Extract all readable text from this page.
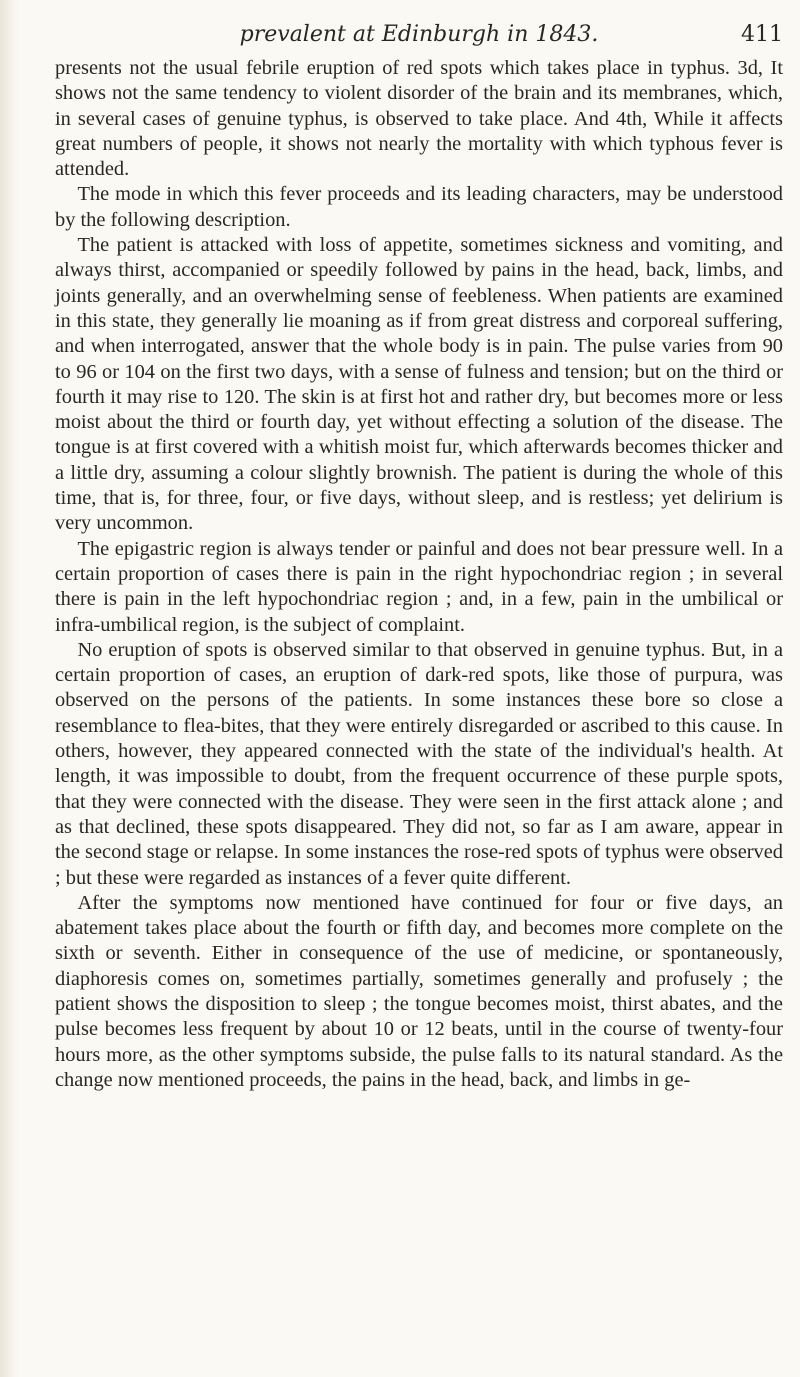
prevalent at Edinburgh in 1843.	411

presents not the usual febrile eruption of red spots which takes place in typhus. 3d, It shows not the same tendency to violent disorder of the brain and its membranes, which, in several cases of genuine typhus, is observed to take place. And 4th, While it affects great numbers of people, it shows not nearly the mortality with which typhous fever is attended.

The mode in which this fever proceeds and its leading characters, may be understood by the following description.

The patient is attacked with loss of appetite, sometimes sickness and vomiting, and always thirst, accompanied or speedily followed by pains in the head, back, limbs, and joints generally, and an overwhelming sense of feebleness. When patients are examined in this state, they generally lie moaning as if from great distress and corporeal suffering, and when interrogated, answer that the whole body is in pain. The pulse varies from 90 to 96 or 104 on the first two days, with a sense of fulness and tension; but on the third or fourth it may rise to 120. The skin is at first hot and rather dry, but becomes more or less moist about the third or fourth day, yet without effecting a solution of the disease. The tongue is at first covered with a whitish moist fur, which afterwards becomes thicker and a little dry, assuming a colour slightly brownish. The patient is during the whole of this time, that is, for three, four, or five days, without sleep, and is restless; yet delirium is very uncommon.

The epigastric region is always tender or painful and does not bear pressure well. In a certain proportion of cases there is pain in the right hypochondriac region ; in several there is pain in the left hypochondriac region ; and, in a few, pain in the umbilical or infra-umbilical region, is the subject of complaint.

No eruption of spots is observed similar to that observed in genuine typhus. But, in a certain proportion of cases, an eruption of dark-red spots, like those of purpura, was observed on the persons of the patients. In some instances these bore so close a resemblance to flea-bites, that they were entirely disregarded or ascribed to this cause. In others, however, they appeared connected with the state of the individual's health. At length, it was impossible to doubt, from the frequent occurrence of these purple spots, that they were connected with the disease. They were seen in the first attack alone ; and as that declined, these spots disappeared. They did not, so far as I am aware, appear in the second stage or relapse. In some instances the rose-red spots of typhus were observed ; but these were regarded as instances of a fever quite different.

After the symptoms now mentioned have continued for four or five days, an abatement takes place about the fourth or fifth day, and becomes more complete on the sixth or seventh. Either in consequence of the use of medicine, or spontaneously, diaphoresis comes on, sometimes partially, sometimes generally and profusely ; the patient shows the disposition to sleep ; the tongue becomes moist, thirst abates, and the pulse becomes less frequent by about 10 or 12 beats, until in the course of twenty-four hours more, as the other symptoms subside, the pulse falls to its natural standard. As the change now mentioned proceeds, the pains in the head, back, and limbs in ge-
